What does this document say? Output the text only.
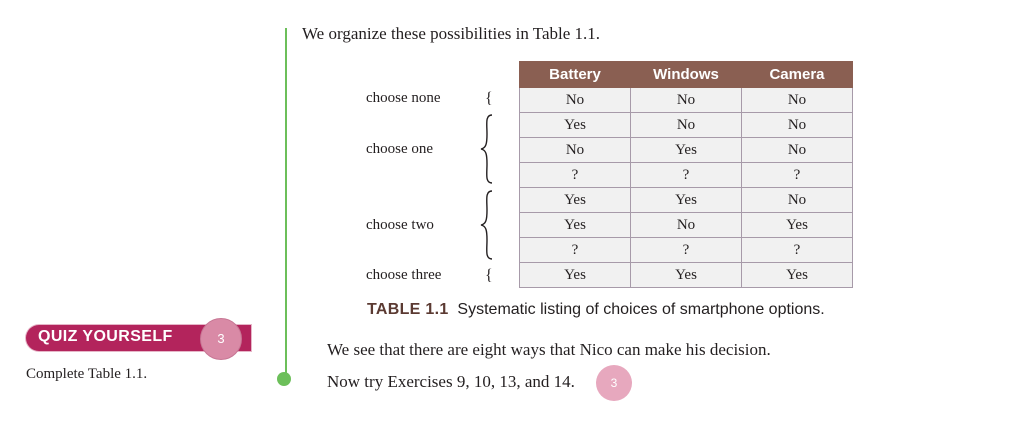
We organize these possibilities in Table 1.1.
choose none	{
choose one
choose two
choose three	{
Battery	Windows	Camera
No	No	No
Yes	No	No
No	Yes	No
?	?	?
Yes	Yes	No
Yes	No	Yes
?	?	?
Yes	Yes	Yes
TABLE 1.1 Systematic listing of choices of smartphone options.
QUIZ YOURSELF	3
Complete Table 1.1.
We see that there are eight ways that Nico can make his decision.
Now try Exercises 9, 10, 13, and 14.	3
